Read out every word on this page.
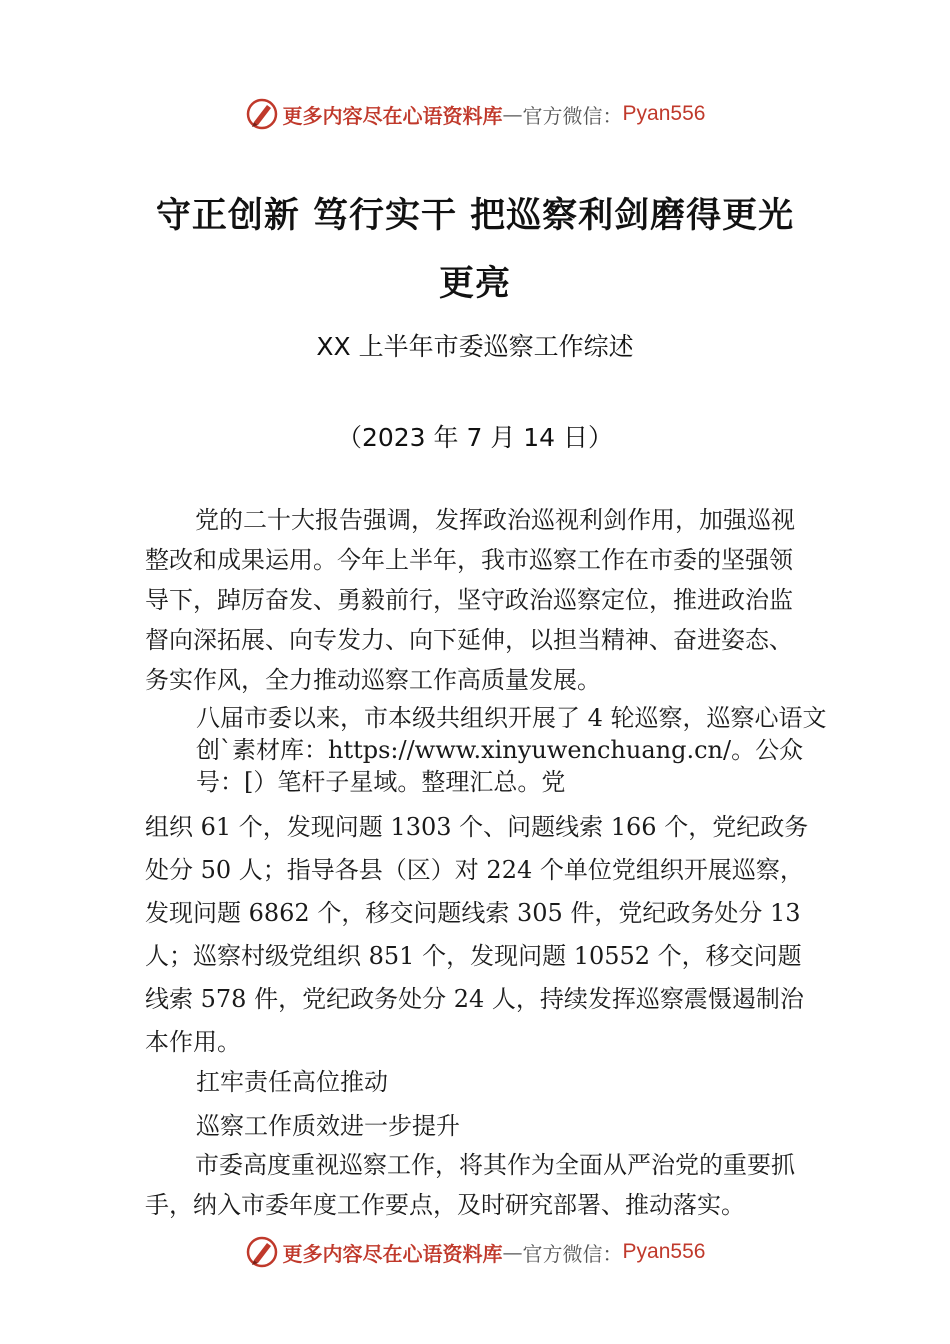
更多内容尽在心语资料库 — 官方微信： Pyan556
守正创新 笃行实干 把巡察利剑磨得更光
更亮
XX 上半年市委巡察工作综述
（2023 年 7 月 14 日）
党的二十大报告强调，发挥政治巡视利剑作用，加强巡视整改和成果运用。今年上半年，我市巡察工作在市委的坚强领导下，踔厉奋发、勇毅前行，坚守政治巡察定位，推进政治监督向深拓展、向专发力、向下延伸，以担当精神、奋进姿态、务实作风，全力推动巡察工作高质量发展。
八届市委以来，市本级共组织开展了 4 轮巡察，巡察心语文创`素材库：https://www.xinyuwenchuang.cn/。公众号：[）笔杆子星域。整理汇总。党
组织 61 个，发现问题 1303 个、问题线索 166 个，党纪政务处分 50 人；指导各县（区）对 224 个单位党组织开展巡察，发现问题 6862 个，移交问题线索 305 件，党纪政务处分 13 人；巡察村级党组织 851 个，发现问题 10552 个，移交问题线索 578 件，党纪政务处分 24 人，持续发挥巡察震慑遏制治本作用。
扛牢责任高位推动
巡察工作质效进一步提升
市委高度重视巡察工作，将其作为全面从严治党的重要抓手，纳入市委年度工作要点，及时研究部署、推动落实。
更多内容尽在心语资料库 — 官方微信： Pyan556
